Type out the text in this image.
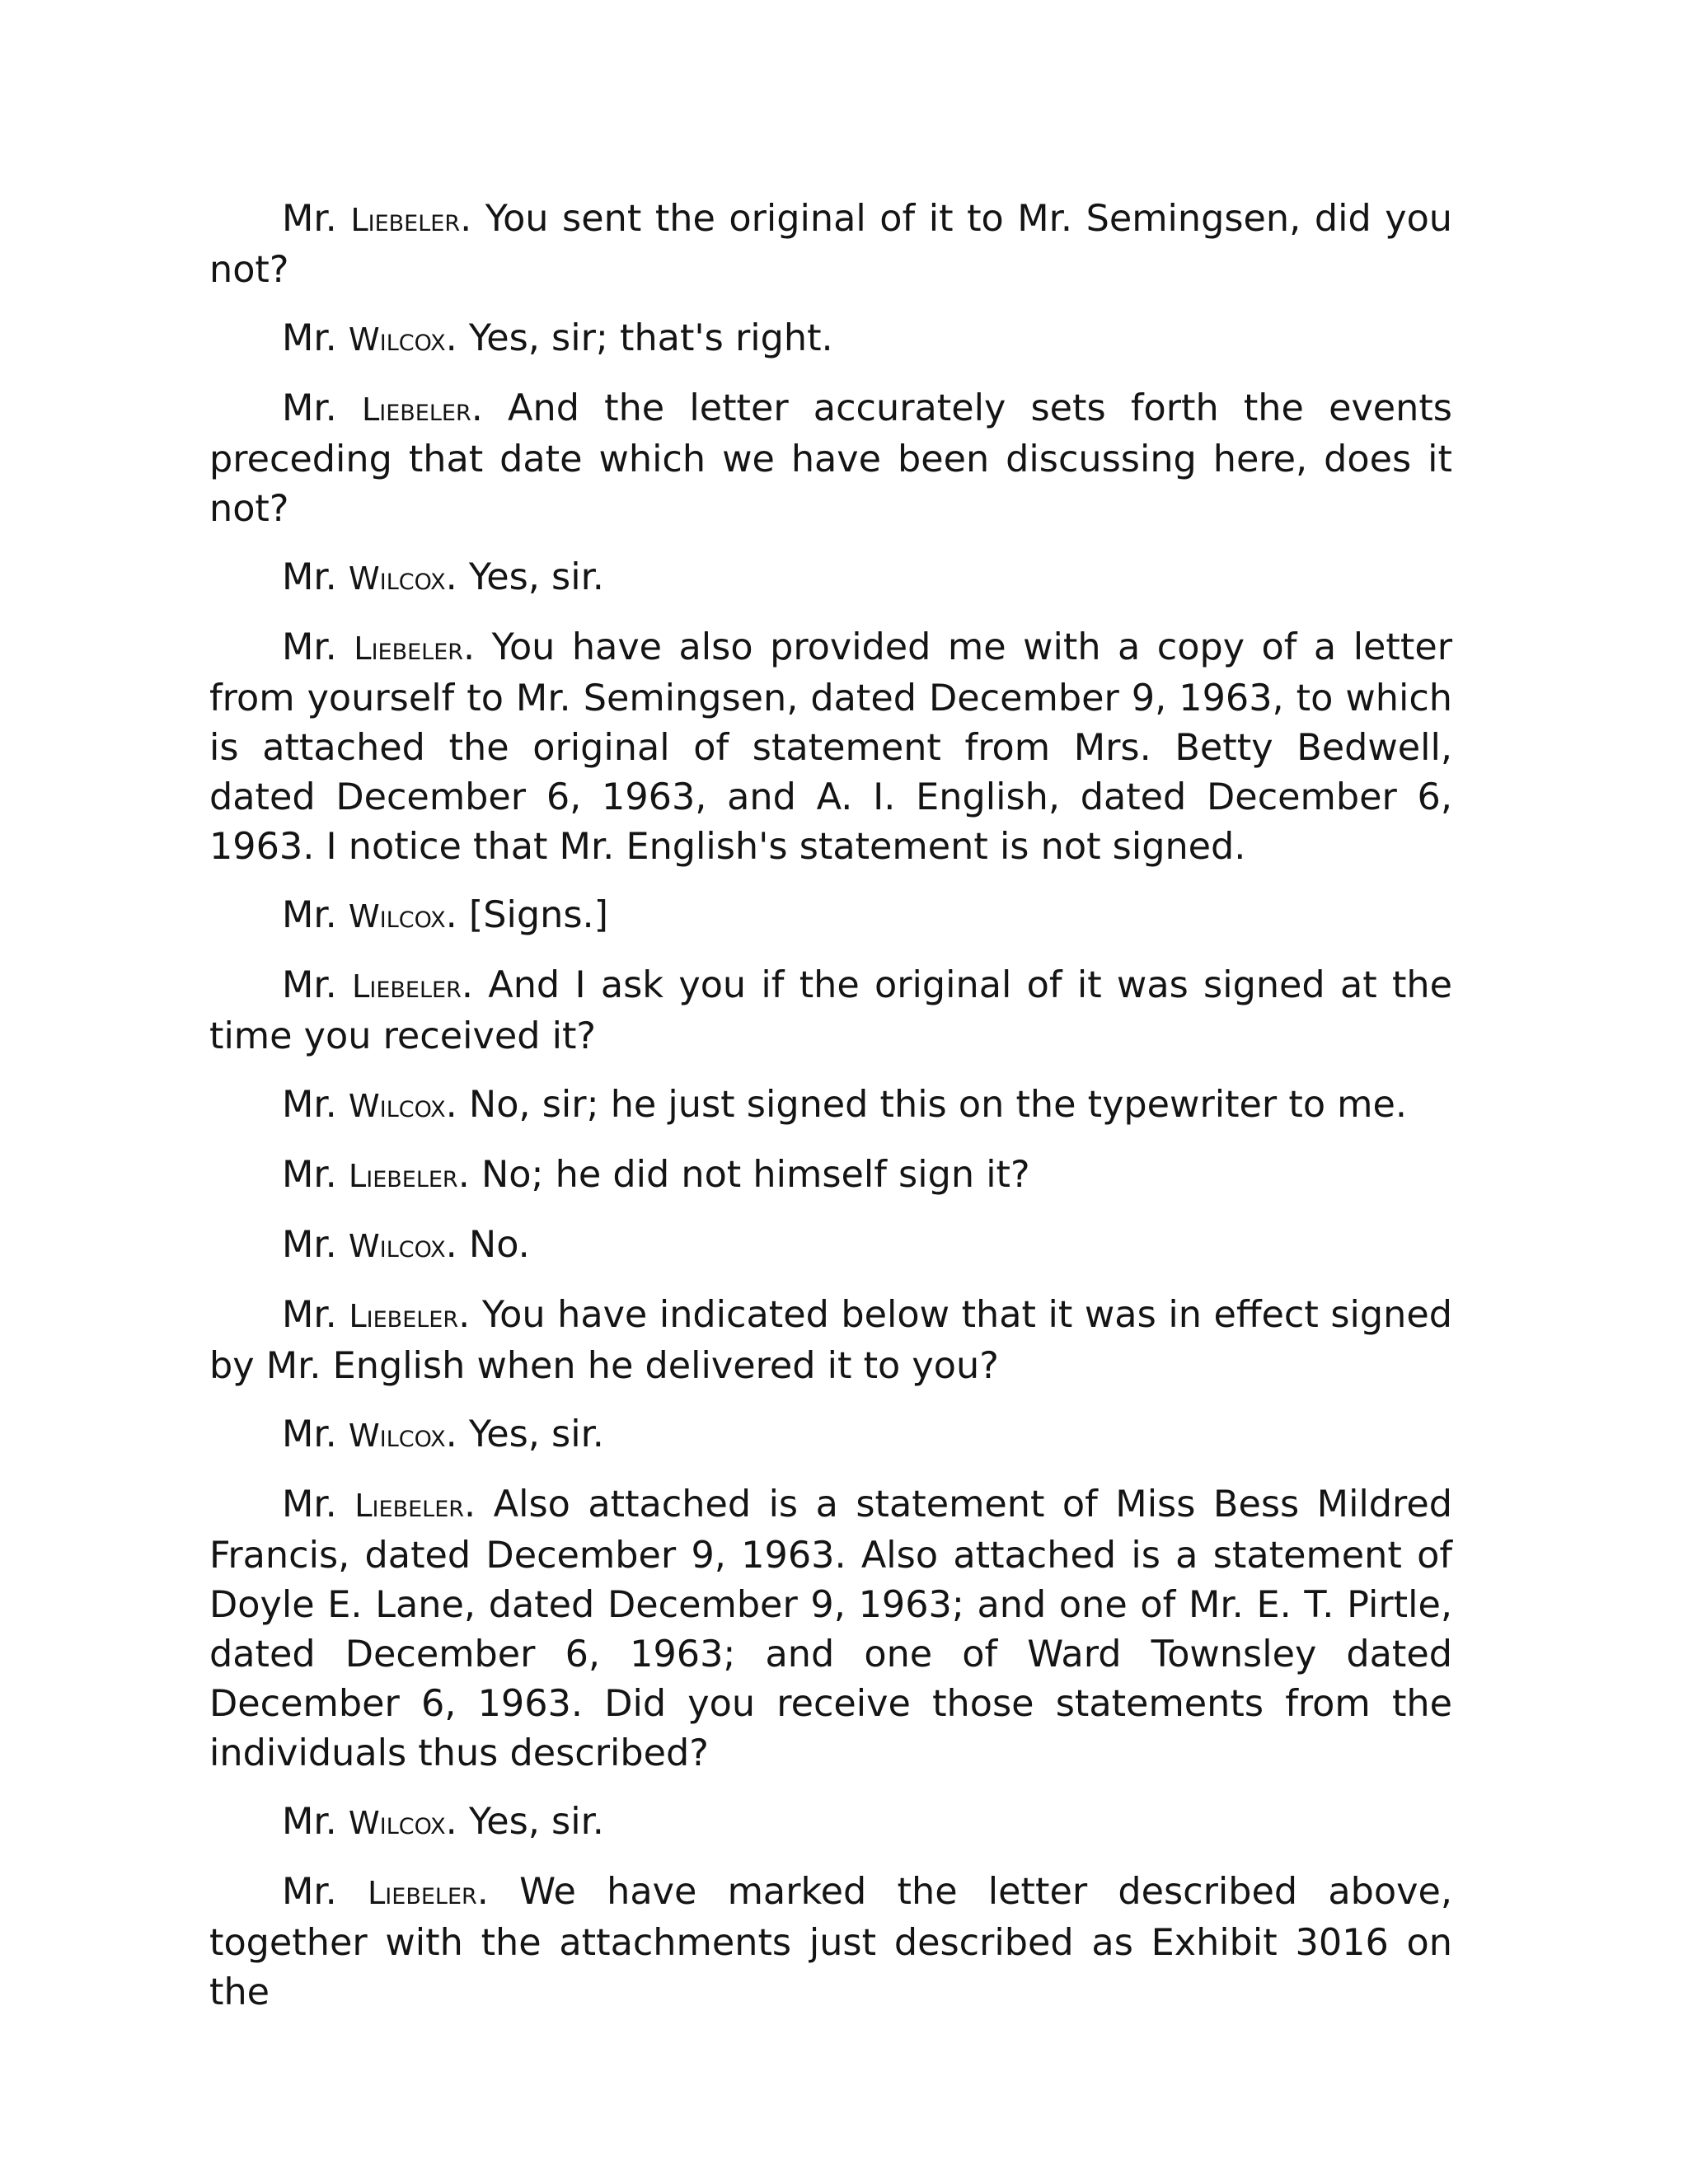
Mr. Liebeler. You sent the original of it to Mr. Semingsen, did you not?

Mr. Wilcox. Yes, sir; that's right.

Mr. Liebeler. And the letter accurately sets forth the events preceding that date which we have been discussing here, does it not?

Mr. Wilcox. Yes, sir.

Mr. Liebeler. You have also provided me with a copy of a letter from yourself to Mr. Semingsen, dated December 9, 1963, to which is attached the original of statement from Mrs. Betty Bedwell, dated December 6, 1963, and A. I. English, dated December 6, 1963. I notice that Mr. English's statement is not signed.

Mr. Wilcox. [Signs.]

Mr. Liebeler. And I ask you if the original of it was signed at the time you received it?

Mr. Wilcox. No, sir; he just signed this on the typewriter to me.

Mr. Liebeler. No; he did not himself sign it?

Mr. Wilcox. No.

Mr. Liebeler. You have indicated below that it was in effect signed by Mr. English when he delivered it to you?

Mr. Wilcox. Yes, sir.

Mr. Liebeler. Also attached is a statement of Miss Bess Mildred Francis, dated December 9, 1963. Also attached is a statement of Doyle E. Lane, dated December 9, 1963; and one of Mr. E. T. Pirtle, dated December 6, 1963; and one of Ward Townsley dated December 6, 1963. Did you receive those statements from the individuals thus described?

Mr. Wilcox. Yes, sir.

Mr. Liebeler. We have marked the letter described above, together with the attachments just described as Exhibit 3016 on the
